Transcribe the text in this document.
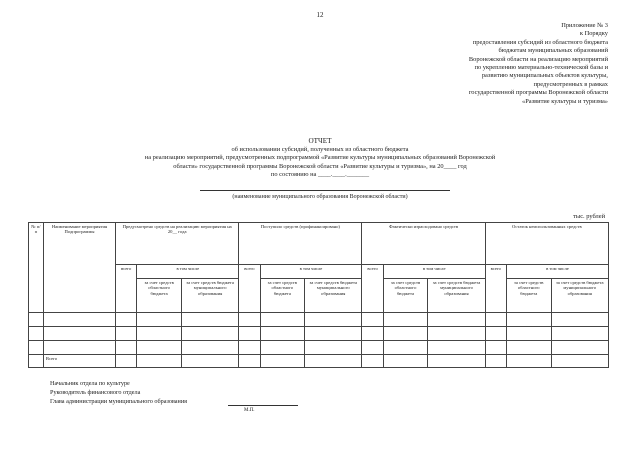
12
Приложение № 3
к Порядку
предоставления субсидий из областного бюджета
бюджетам муниципальных образований
Воронежской области на реализацию мероприятий
по укреплению материально-технической базы и
развитию муниципальных объектов культуры,
предусмотренных в рамках
государственной программы Воронежской области
«Развитие культуры и туризма»
ОТЧЕТ
об использовании субсидий, полученных из областного бюджета
на реализацию мероприятий, предусмотренных подпрограммой «Развитие культуры муниципальных образований Воронежской
области» государственной программы Воронежской области «Развитие культуры и туризма», на 20____ год
по состоянию на ____.____._______
(наименование муниципального образования Воронежской области)
тыс. рублей
№ п/п	Наименование мероприятия Подпрограммы	Предусмотрено средств на реализацию мероприятия на 20__ года			Поступило средств (профинансировано)			Фактически израсходовано средств			Остаток неиспользованных средств		
		всего	в том числе		всего	в том числе		всего	в том числе		всего	в том числе	
			за счет средств областного бюджета	за счет средств бюджета муниципального образования		за счет средств областного бюджета	за счет средств бюджета муниципального образования		за счет средств областного бюджета	за счет средств бюджета муниципального образования		за счет средств областного бюджета	за счет средств бюджета муниципального образования

	Всего												
Начальник отдела по культуре
Руководитель финансового отдела
Глава администрации муниципального образования
М.П.
